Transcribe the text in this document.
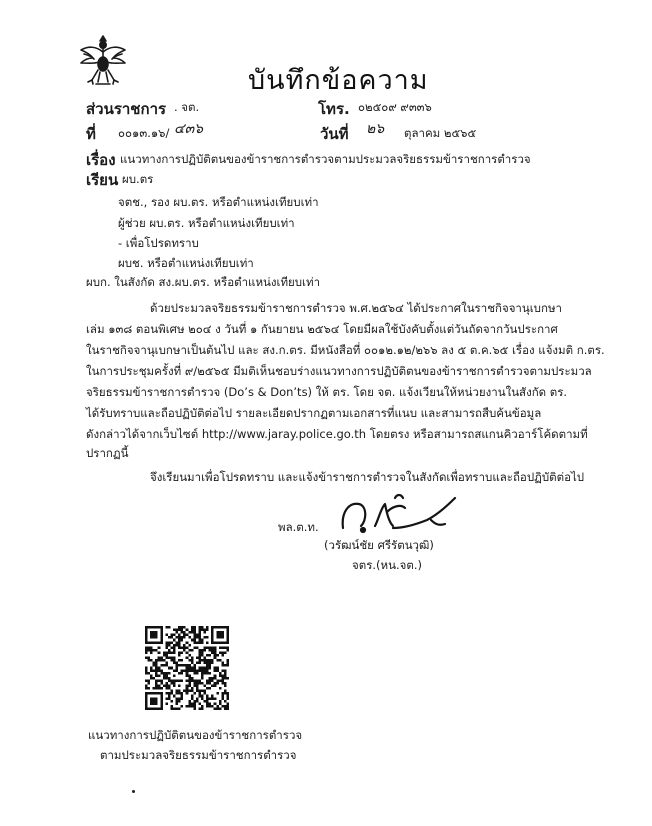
บันทึกข้อความ
ส่วนราชการ . จต.	โทร. ๐๒๕๐๙ ๙๓๓๖
ที่ ๐๐๑๓.๑๖/ ๔๓๖	วันที่ ๒๖ ตุลาคม ๒๕๖๕
เรื่อง แนวทางการปฏิบัติตนของข้าราชการตำรวจตามประมวลจริยธรรมข้าราชการตำรวจ
เรียน ผบ.ตร
จตช., รอง ผบ.ตร. หรือตำแหน่งเทียบเท่า
ผู้ช่วย ผบ.ตร. หรือตำแหน่งเทียบเท่า
- เพื่อโปรดทราบ
ผบช. หรือตำแหน่งเทียบเท่า
ผบก. ในสังกัด สง.ผบ.ตร. หรือตำแหน่งเทียบเท่า
ด้วยประมวลจริยธรรมข้าราชการตำรวจ พ.ศ.๒๕๖๔ ได้ประกาศในราชกิจจานุเบกษา
เล่ม ๑๓๘ ตอนพิเศษ ๒๐๔ ง วันที่ ๑ กันยายน ๒๕๖๔ โดยมีผลใช้บังคับตั้งแต่วันถัดจากวันประกาศ
ในราชกิจจานุเบกษาเป็นต้นไป และ สง.ก.ตร. มีหนังสือที่ ๐๐๑๒.๑๒/๒๖๖ ลง ๕ ต.ค.๖๕ เรื่อง แจ้งมติ ก.ตร.
ในการประชุมครั้งที่ ๙/๒๕๖๕ มีมติเห็นชอบร่างแนวทางการปฏิบัติตนของข้าราชการตำรวจตามประมวล
จริยธรรมข้าราชการตำรวจ (Do’s & Don’ts) ให้ ตร. โดย จต. แจ้งเวียนให้หน่วยงานในสังกัด ตร.
ได้รับทราบและถือปฏิบัติต่อไป รายละเอียดปรากฏตามเอกสารที่แนบ และสามารถสืบค้นข้อมูล
ดังกล่าวได้จากเว็บไซต์ http://www.jaray.police.go.th โดยตรง หรือสามารถสแกนคิวอาร์โค้ดตามที่
ปรากฏนี้
จึงเรียนมาเพื่อโปรดทราบ และแจ้งข้าราชการตำรวจในสังกัดเพื่อทราบและถือปฏิบัติต่อไป
พล.ต.ท.
(วรัฒน์ชัย ศรีรัตนวุฒิ)
จตร.(หน.จต.)
แนวทางการปฏิบัติตนของข้าราชการตำรวจ
ตามประมวลจริยธรรมข้าราชการตำรวจ
